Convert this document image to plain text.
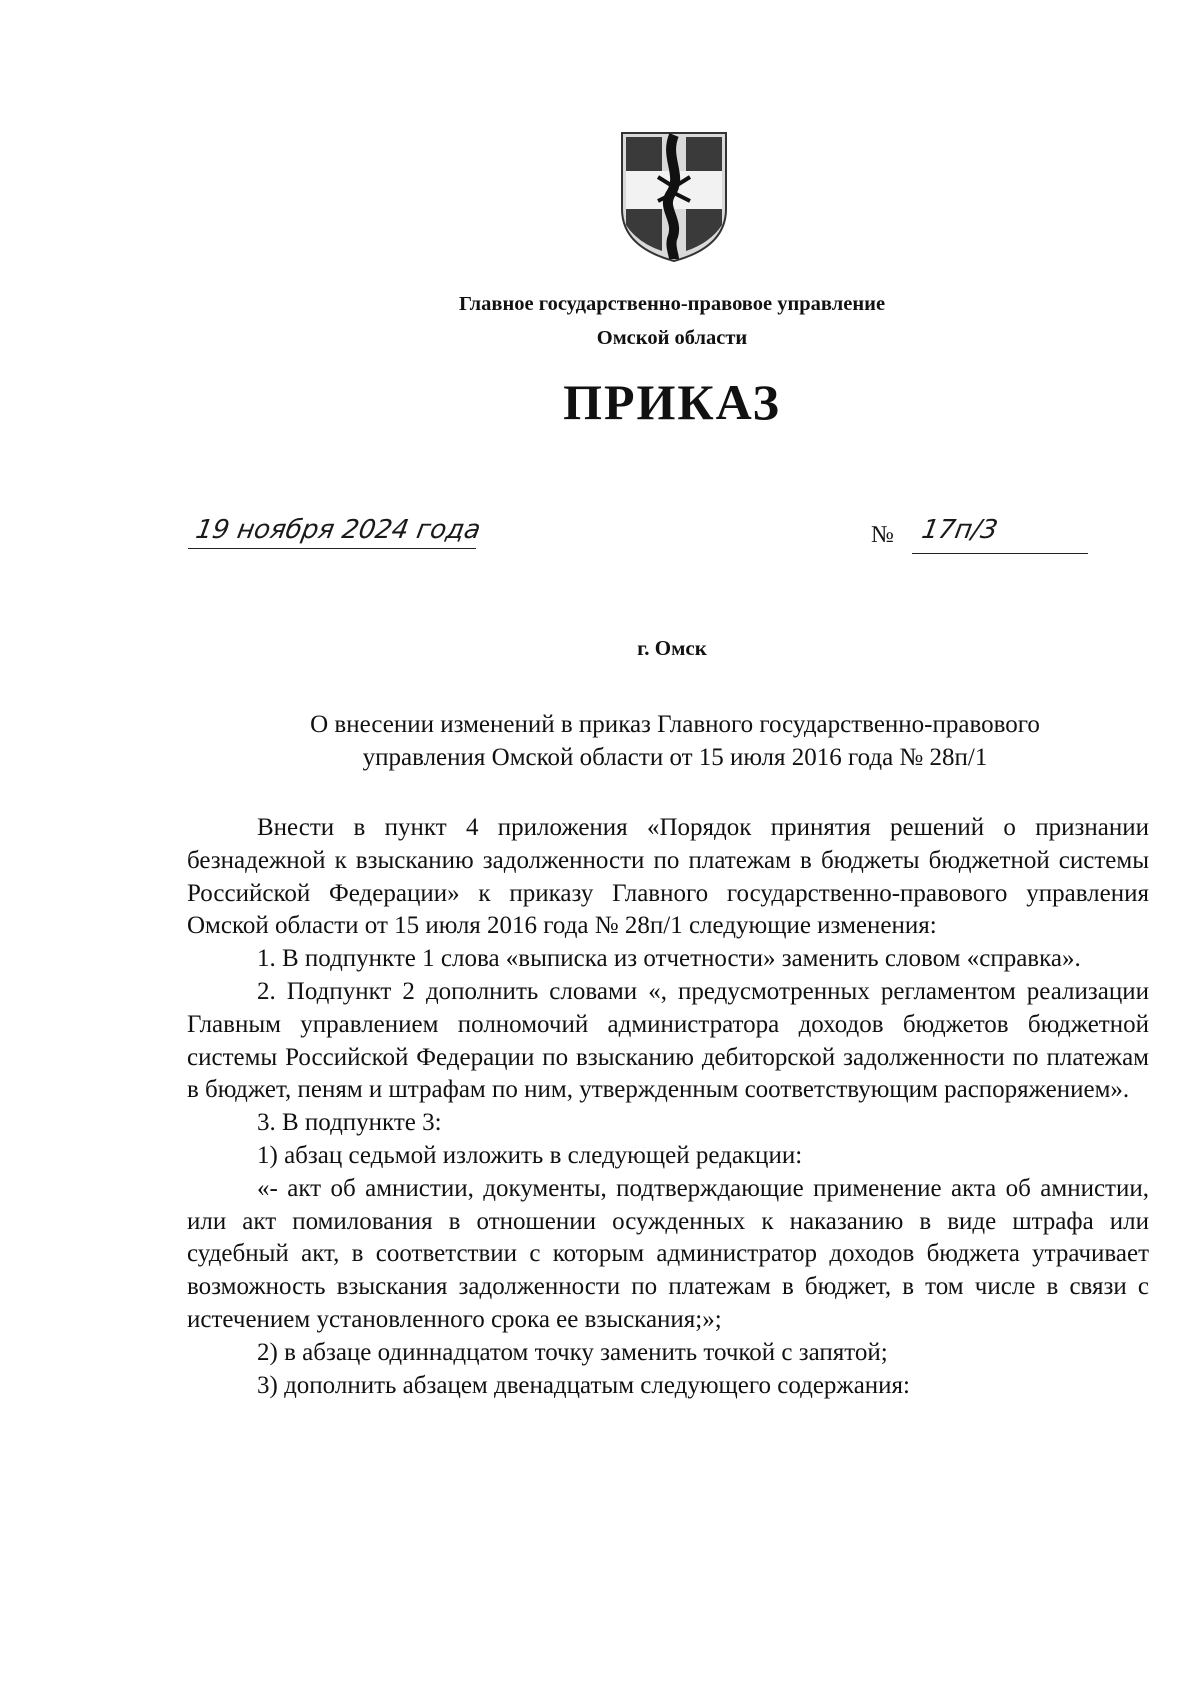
Главное государственно-правовое управление
Омской области
ПРИКАЗ
19 ноября 2024 года	№ 17п/3
г. Омск
О внесении изменений в приказ Главного государственно-правового
управления Омской области от 15 июля 2016 года № 28п/1

Внести в пункт 4 приложения «Порядок принятия решений о признании безнадежной к взысканию задолженности по платежам в бюджеты бюджетной системы Российской Федерации» к приказу Главного государственно-правового управления Омской области от 15 июля 2016 года № 28п/1 следующие изменения:

1. В подпункте 1 слова «выписка из отчетности» заменить словом «справка».

2. Подпункт 2 дополнить словами «, предусмотренных регламентом реализации Главным управлением полномочий администратора доходов бюджетов бюджетной системы Российской Федерации по взысканию дебиторской задолженности по платежам в бюджет, пеням и штрафам по ним, утвержденным соответствующим распоряжением».

3. В подпункте 3:

1) абзац седьмой изложить в следующей редакции:

«- акт об амнистии, документы, подтверждающие применение акта об амнистии, или акт помилования в отношении осужденных к наказанию в виде штрафа или судебный акт, в соответствии с которым администратор доходов бюджета утрачивает возможность взыскания задолженности по платежам в бюджет, в том числе в связи с истечением установленного срока ее взыскания;»;

2) в абзаце одиннадцатом точку заменить точкой с запятой;

3) дополнить абзацем двенадцатым следующего содержания:
